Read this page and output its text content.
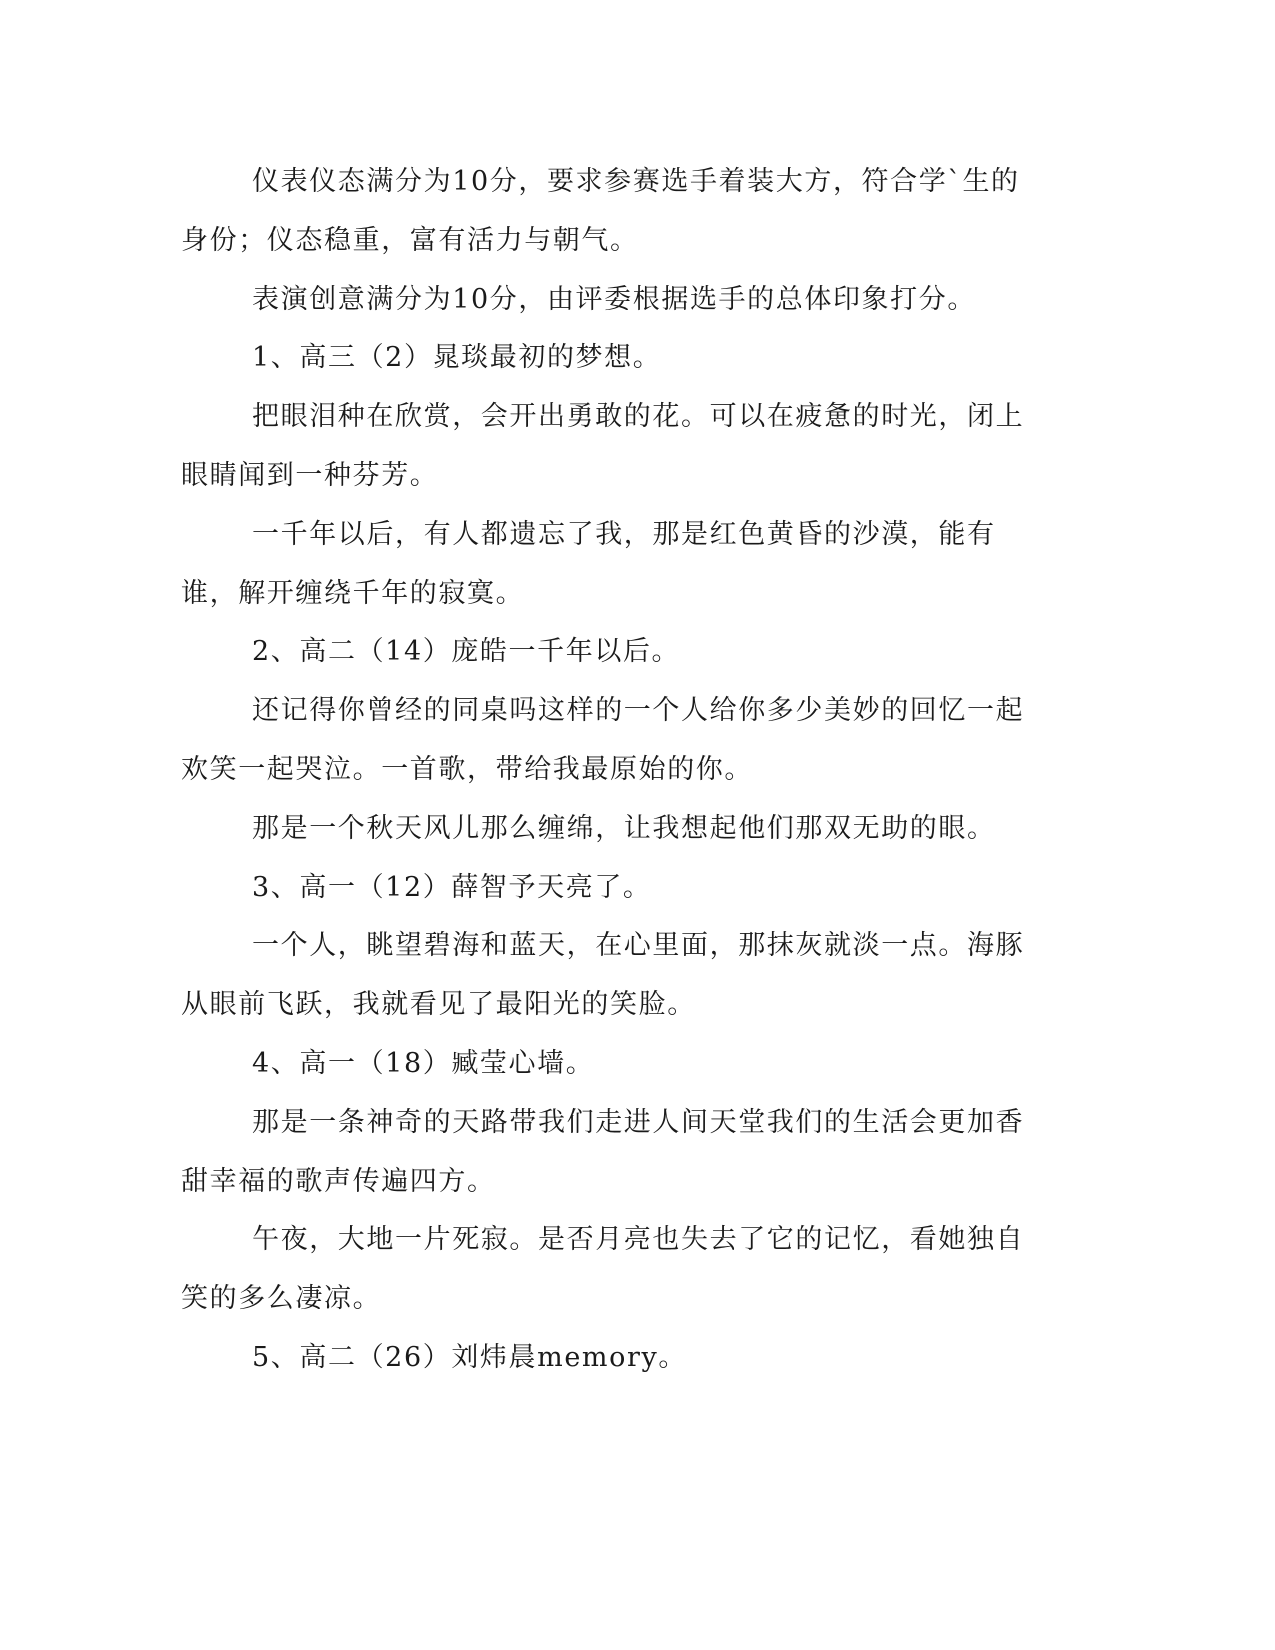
仪表仪态满分为10分，要求参赛选手着装大方，符合学`生的身份；仪态稳重，富有活力与朝气。

表演创意满分为10分，由评委根据选手的总体印象打分。

1、高三（2）晁琰最初的梦想。

把眼泪种在欣赏，会开出勇敢的花。可以在疲惫的时光，闭上眼睛闻到一种芬芳。

一千年以后，有人都遗忘了我，那是红色黄昏的沙漠，能有谁，解开缠绕千年的寂寞。

2、高二（14）庞皓一千年以后。

还记得你曾经的同桌吗这样的一个人给你多少美妙的回忆一起欢笑一起哭泣。一首歌，带给我最原始的你。

那是一个秋天风儿那么缠绵，让我想起他们那双无助的眼。

3、高一（12）薛智予天亮了。

一个人，眺望碧海和蓝天，在心里面，那抹灰就淡一点。海豚从眼前飞跃，我就看见了最阳光的笑脸。

4、高一（18）臧莹心墙。

那是一条神奇的天路带我们走进人间天堂我们的生活会更加香甜幸福的歌声传遍四方。

午夜，大地一片死寂。是否月亮也失去了它的记忆，看她独自笑的多么凄凉。

5、高二（26）刘炜晨memory。
